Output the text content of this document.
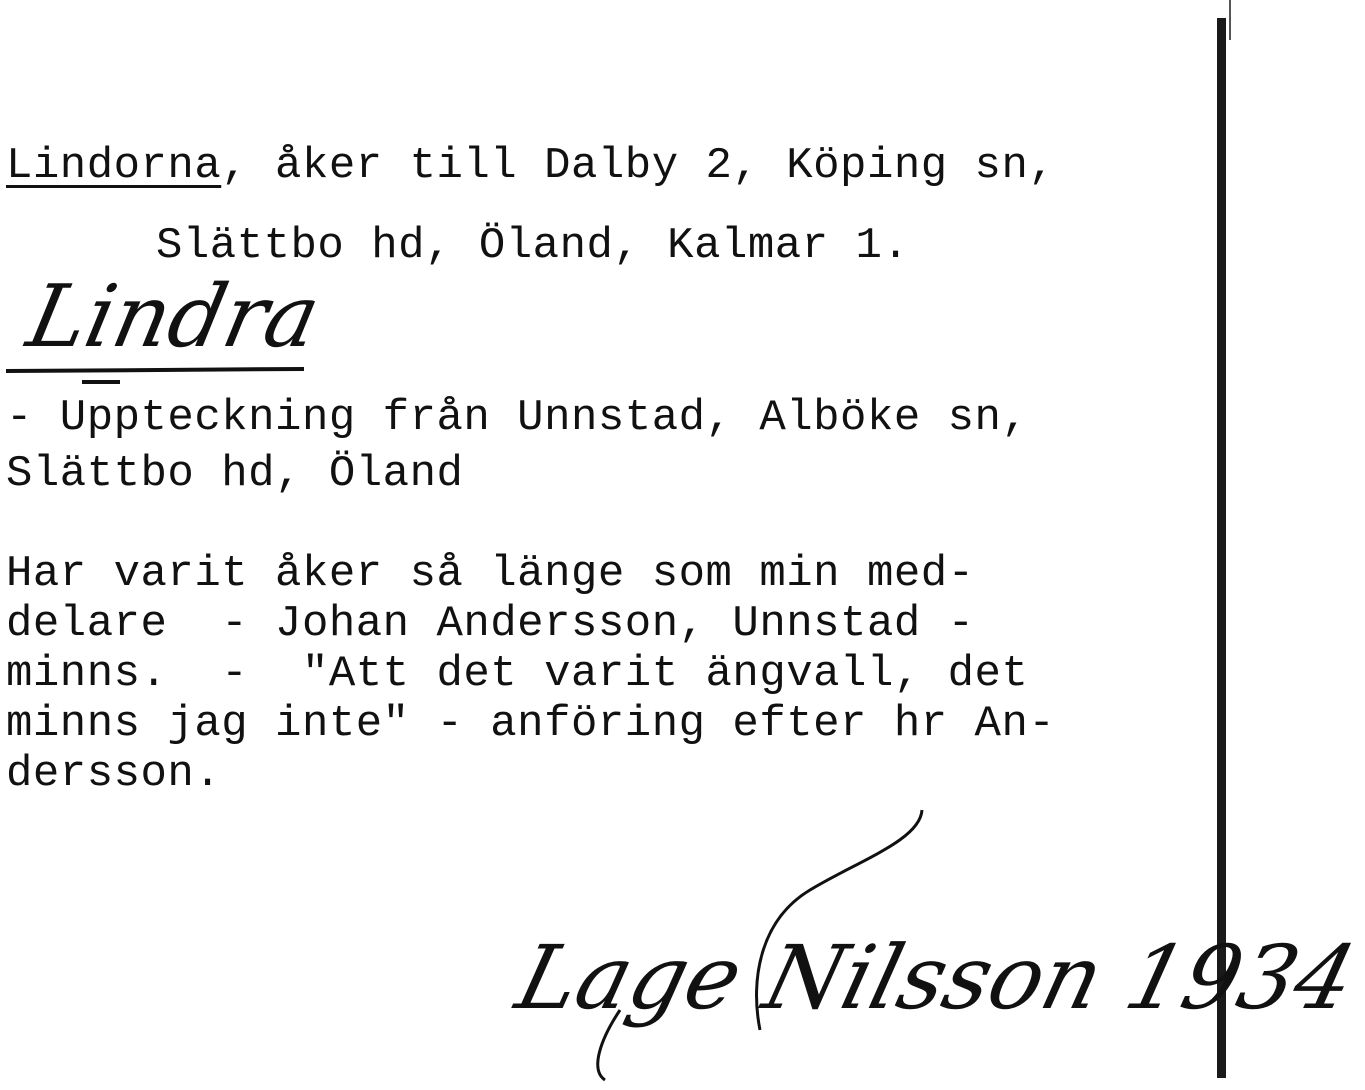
Lindorna, åker till Dalby 2, Köping sn,
Slättbo hd, Öland, Kalmar 1.
Lindra
- Uppteckning från Unnstad, Alböke sn,
Slättbo hd, Öland
Har varit åker så länge som min med-
delare  - Johan Andersson, Unnstad -
minns.  -  "Att det varit ängvall, det
minns jag inte" - anföring efter hr An-
dersson.
Lage Nilsson 1934
